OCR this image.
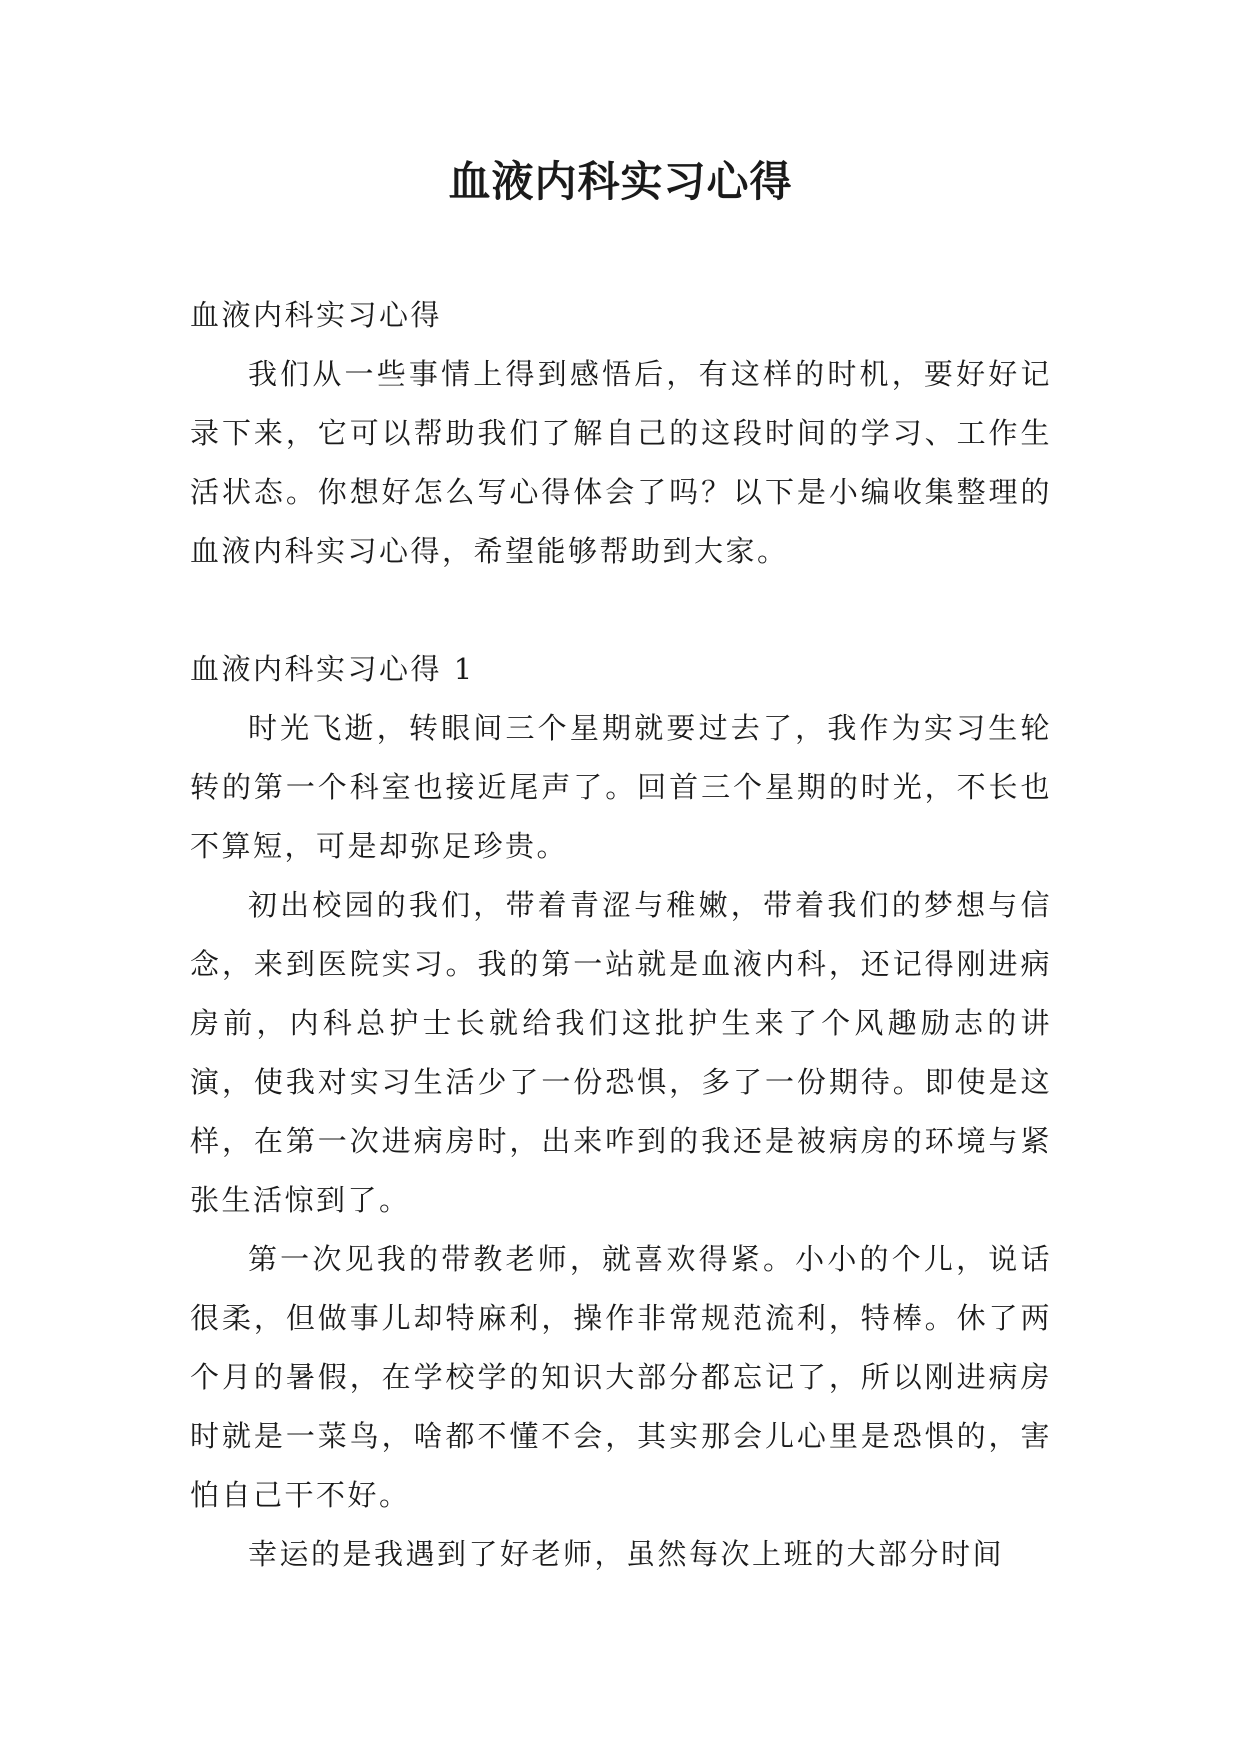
血液内科实习心得

血液内科实习心得

我们从一些事情上得到感悟后，有这样的时机，要好好记录下来，它可以帮助我们了解自己的这段时间的学习、工作生活状态。你想好怎么写心得体会了吗？以下是小编收集整理的血液内科实习心得，希望能够帮助到大家。

血液内科实习心得 1

时光飞逝，转眼间三个星期就要过去了，我作为实习生轮转的第一个科室也接近尾声了。回首三个星期的时光，不长也不算短，可是却弥足珍贵。

初出校园的我们，带着青涩与稚嫩，带着我们的梦想与信念，来到医院实习。我的第一站就是血液内科，还记得刚进病房前，内科总护士长就给我们这批护生来了个风趣励志的讲演，使我对实习生活少了一份恐惧，多了一份期待。即使是这样，在第一次进病房时，出来咋到的我还是被病房的环境与紧张生活惊到了。

第一次见我的带教老师，就喜欢得紧。小小的个儿，说话很柔，但做事儿却特麻利，操作非常规范流利，特棒。休了两个月的暑假，在学校学的知识大部分都忘记了，所以刚进病房时就是一菜鸟，啥都不懂不会，其实那会儿心里是恐惧的，害怕自己干不好。

幸运的是我遇到了好老师，虽然每次上班的大部分时间
